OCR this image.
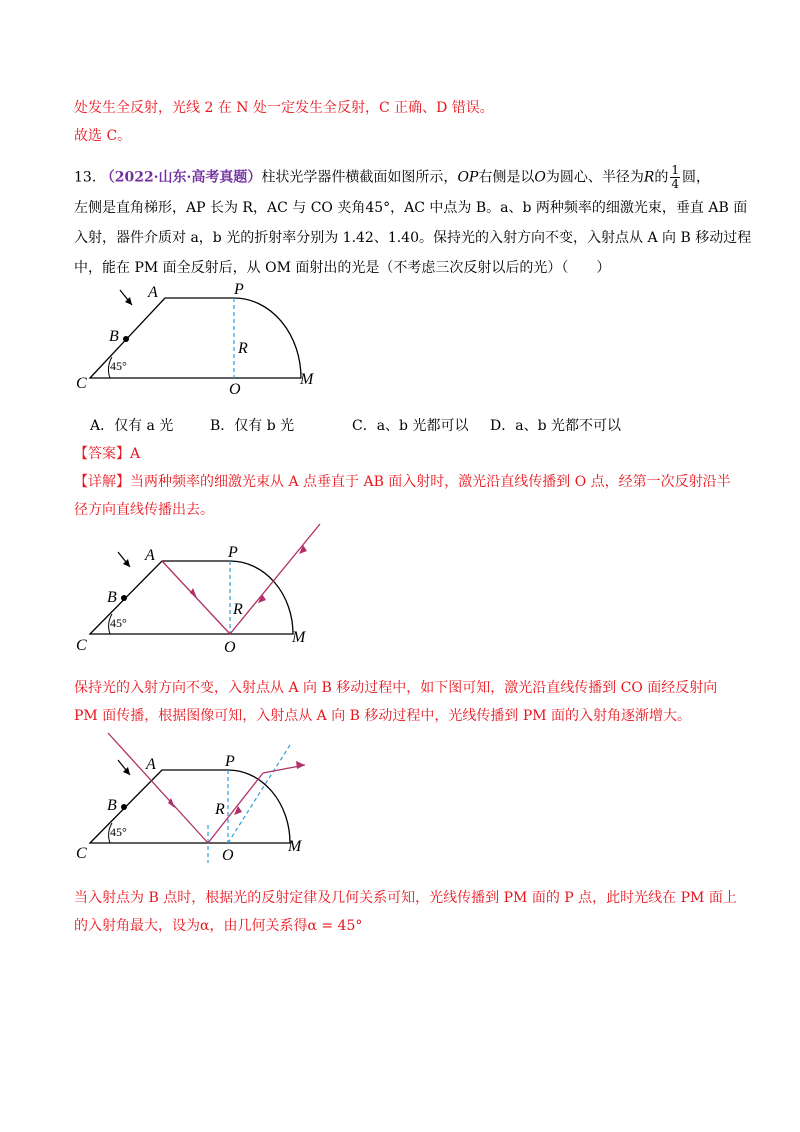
处发生全反射，光线 2 在 N 处一定发生全反射，C 正确、D 错误。
故选 C。
13. （2022·山东·高考真题）柱状光学器件横截面如图所示，OP右侧是以O为圆心、半径为R的 $\frac{1}{4}$ 圆，
左侧是直角梯形，AP 长为 R，AC 与 CO 夹角45°，AC 中点为 B。a、b 两种频率的细激光束，垂直 AB 面
入射，器件介质对 a，b 光的折射率分别为 1.42、1.40。保持光的入射方向不变，入射点从 A 向 B 移动过程
中，能在 PM 面全反射后，从 OM 面射出的光是（不考虑三次反射以后的光）（　　）
A
B
C	O
P
M
R
45°
A．仅有 a 光	B．仅有 b 光	C．a、b 光都可以 D．a、b 光都不可以
【答案】A
【详解】当两种频率的细激光束从 A 点垂直于 AB 面入射时，激光沿直线传播到 O 点，经第一次反射沿半
径方向直线传播出去。
A
B
C	O
P
M
R
45°
保持光的入射方向不变，入射点从 A 向 B 移动过程中，如下图可知，激光沿直线传播到 CO 面经反射向
PM 面传播，根据图像可知，入射点从 A 向 B 移动过程中，光线传播到 PM 面的入射角逐渐增大。
A
B
C	O
P
M
R
45°
当入射点为 B 点时，根据光的反射定律及几何关系可知，光线传播到 PM 面的 P 点，此时光线在 PM 面上
的入射角最大，设为α，由几何关系得α = 45°
